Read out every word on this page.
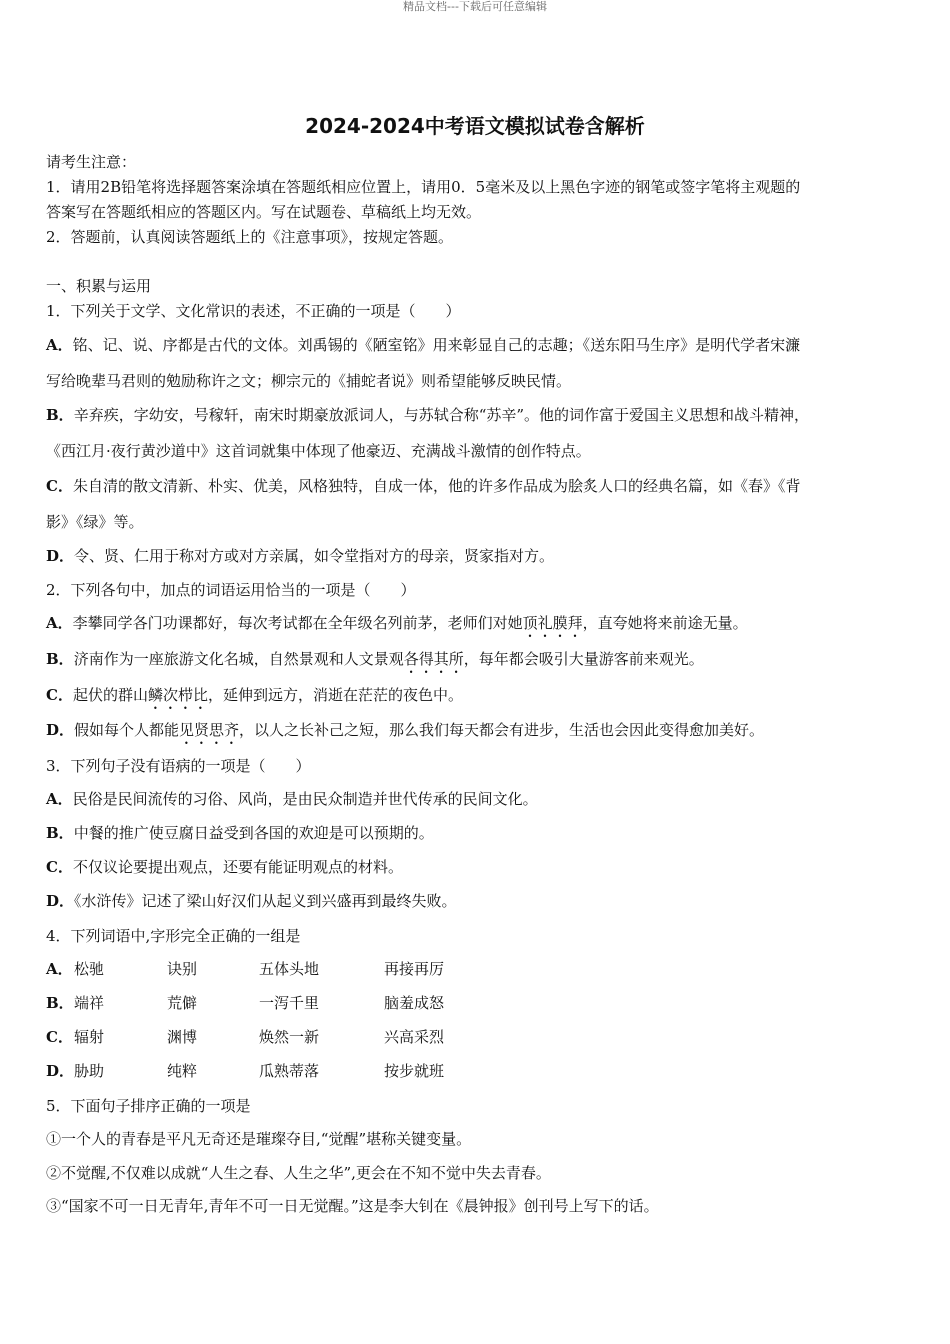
精品文档---下载后可任意编辑
2024-2024中考语文模拟试卷含解析
请考生注意：
1．请用2B铅笔将选择题答案涂填在答题纸相应位置上，请用0．5毫米及以上黑色字迹的钢笔或签字笔将主观题的
答案写在答题纸相应的答题区内。写在试题卷、草稿纸上均无效。
2．答题前，认真阅读答题纸上的《注意事项》，按规定答题。
一、积累与运用
1．下列关于文学、文化常识的表述，不正确的一项是（　　）
A．铭、记、说、序都是古代的文体。刘禹锡的《陋室铭》用来彰显自己的志趣；《送东阳马生序》是明代学者宋濂
写给晚辈马君则的勉励称许之文；柳宗元的《捕蛇者说》则希望能够反映民情。
B．辛弃疾，字幼安，号稼轩，南宋时期豪放派词人，与苏轼合称“苏辛”。他的词作富于爱国主义思想和战斗精神，
《西江月·夜行黄沙道中》这首词就集中体现了他豪迈、充满战斗激情的创作特点。
C．朱自清的散文清新、朴实、优美，风格独特，自成一体，他的许多作品成为脍炙人口的经典名篇，如《春》《背
影》《绿》等。
D．令、贤、仁用于称对方或对方亲属，如令堂指对方的母亲，贤家指对方。
2．下列各句中，加点的词语运用恰当的一项是（　　）
A．李攀同学各门功课都好，每次考试都在全年级名列前茅，老师们对她顶礼膜拜，直夸她将来前途无量。
B．济南作为一座旅游文化名城，自然景观和人文景观各得其所，每年都会吸引大量游客前来观光。
C．起伏的群山鳞次栉比，延伸到远方，消逝在茫茫的夜色中。
D．假如每个人都能见贤思齐，以人之长补己之短，那么我们每天都会有进步，生活也会因此变得愈加美好。
3．下列句子没有语病的一项是（　　）
A．民俗是民间流传的习俗、风尚，是由民众制造并世代传承的民间文化。
B．中餐的推广使豆腐日益受到各国的欢迎是可以预期的。
C．不仅议论要提出观点，还要有能证明观点的材料。
D．《水浒传》记述了梁山好汉们从起义到兴盛再到最终失败。
4．下列词语中,字形完全正确的一组是
A． 松驰	诀别	五体头地	再接再厉
B． 端祥	荒僻	一泻千里	脑羞成怒
C． 辐射	渊博	焕然一新	兴高采烈
D． 胁助	纯粹	瓜熟蒂落	按步就班
5．下面句子排序正确的一项是
①一个人的青春是平凡无奇还是璀璨夺目,“觉醒”堪称关键变量。
②不觉醒,不仅难以成就“人生之春、人生之华”,更会在不知不觉中失去青春。
③“国家不可一日无青年,青年不可一日无觉醒。”这是李大钊在《晨钟报》创刊号上写下的话。
